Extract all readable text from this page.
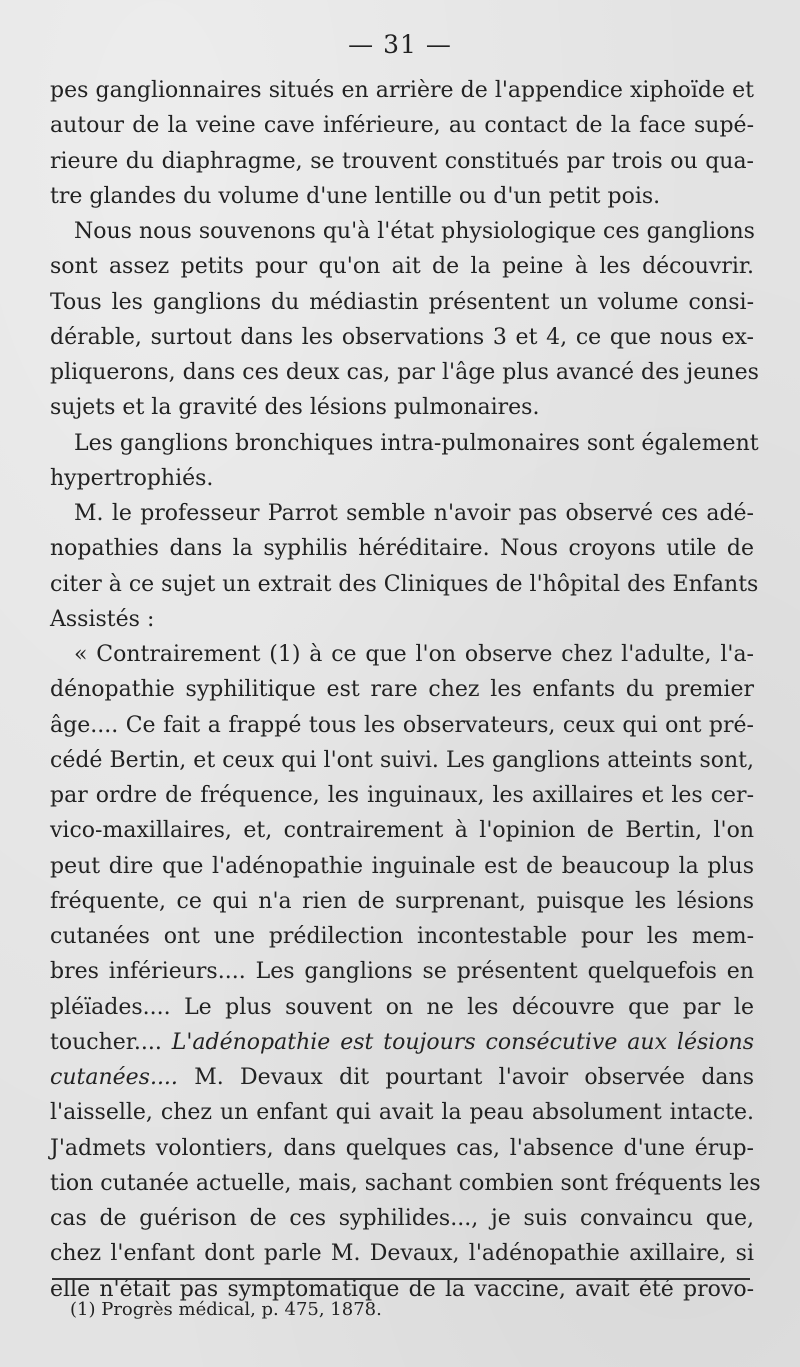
— 31 —
pes ganglionnaires situés en arrière de l'appendice xiphoïde et
autour de la veine cave inférieure, au contact de la face supé-
rieure du diaphragme, se trouvent constitués par trois ou qua-
tre glandes du volume d'une lentille ou d'un petit pois.
Nous nous souvenons qu'à l'état physiologique ces ganglions
sont assez petits pour qu'on ait de la peine à les découvrir.
Tous les ganglions du médiastin présentent un volume consi-
dérable, surtout dans les observations 3 et 4, ce que nous ex-
pliquerons, dans ces deux cas, par l'âge plus avancé des jeunes
sujets et la gravité des lésions pulmonaires.
Les ganglions bronchiques intra-pulmonaires sont également
hypertrophiés.
M. le professeur Parrot semble n'avoir pas observé ces adé-
nopathies dans la syphilis héréditaire. Nous croyons utile de
citer à ce sujet un extrait des Cliniques de l'hôpital des Enfants
Assistés :
« Contrairement (1) à ce que l'on observe chez l'adulte, l'a-
dénopathie syphilitique est rare chez les enfants du premier
âge.... Ce fait a frappé tous les observateurs, ceux qui ont pré-
cédé Bertin, et ceux qui l'ont suivi. Les ganglions atteints sont,
par ordre de fréquence, les inguinaux, les axillaires et les cer-
vico-maxillaires, et, contrairement à l'opinion de Bertin, l'on
peut dire que l'adénopathie inguinale est de beaucoup la plus
fréquente, ce qui n'a rien de surprenant, puisque les lésions
cutanées ont une prédilection incontestable pour les mem-
bres inférieurs.... Les ganglions se présentent quelquefois en
pléïades.... Le plus souvent on ne les découvre que par le
toucher.... L'adénopathie est toujours consécutive aux lésions
cutanées.... M. Devaux dit pourtant l'avoir observée dans
l'aisselle, chez un enfant qui avait la peau absolument intacte.
J'admets volontiers, dans quelques cas, l'absence d'une érup-
tion cutanée actuelle, mais, sachant combien sont fréquents les
cas de guérison de ces syphilides..., je suis convaincu que,
chez l'enfant dont parle M. Devaux, l'adénopathie axillaire, si
elle n'était pas symptomatique de la vaccine, avait été provo-
(1) Progrès médical, p. 475, 1878.
